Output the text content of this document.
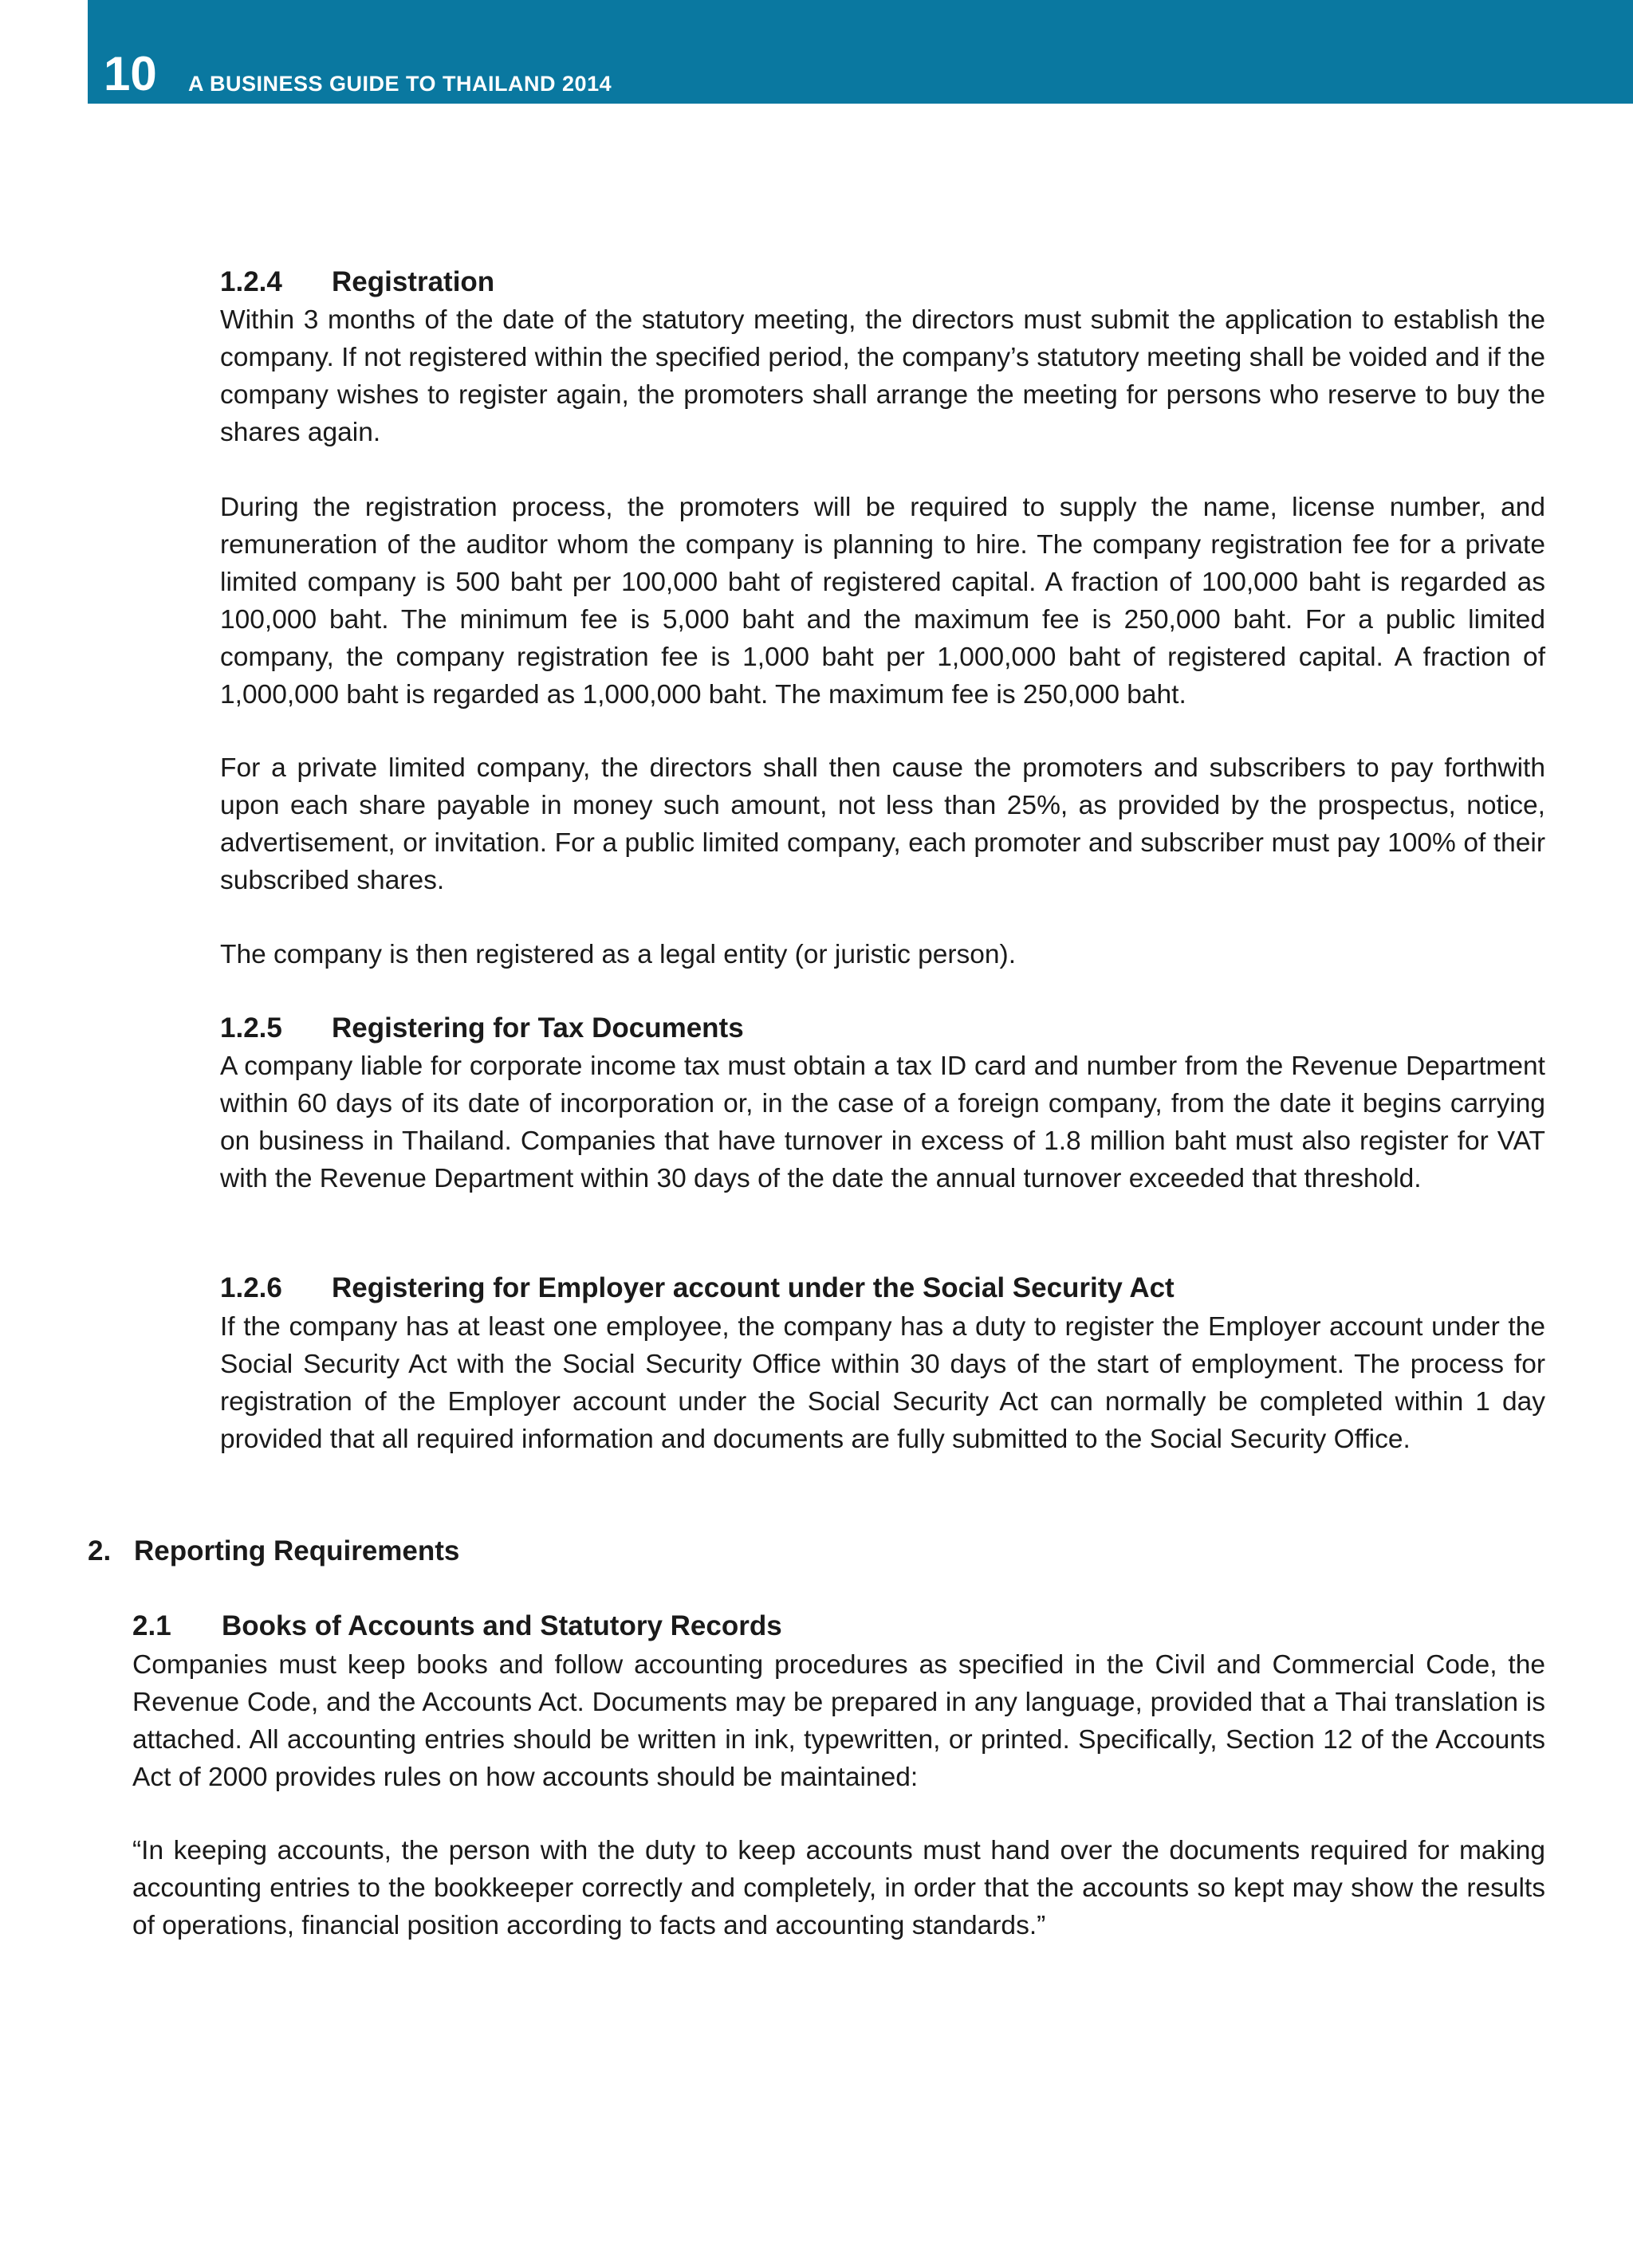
10 A BUSINESS GUIDE TO THAILAND 2014
1.2.4 Registration
Within 3 months of the date of the statutory meeting, the directors must submit the application to establish the company. If not registered within the specified period, the company’s statutory meeting shall be voided and if the company wishes to register again, the promoters shall arrange the meeting for persons who reserve to buy the shares again.
During the registration process, the promoters will be required to supply the name, license number, and remuneration of the auditor whom the company is planning to hire. The company registration fee for a private limited company is 500 baht per 100,000 baht of registered capital. A fraction of 100,000 baht is regarded as 100,000 baht. The minimum fee is 5,000 baht and the maximum fee is 250,000 baht. For a public limited company, the company registration fee is 1,000 baht per 1,000,000 baht of registered capital. A fraction of 1,000,000 baht is regarded as 1,000,000 baht. The maximum fee is 250,000 baht.
For a private limited company, the directors shall then cause the promoters and subscribers to pay forthwith upon each share payable in money such amount, not less than 25%, as provided by the prospectus, notice, advertisement, or invitation. For a public limited company, each promoter and subscriber must pay 100% of their subscribed shares.
The company is then registered as a legal entity (or juristic person).
1.2.5 Registering for Tax Documents
A company liable for corporate income tax must obtain a tax ID card and number from the Revenue Department within 60 days of its date of incorporation or, in the case of a foreign company, from the date it begins carrying on business in Thailand. Companies that have turnover in excess of 1.8 million baht must also register for VAT with the Revenue Department within 30 days of the date the annual turnover exceeded that threshold.
1.2.6 Registering for Employer account under the Social Security Act
If the company has at least one employee, the company has a duty to register the Employer account under the Social Security Act with the Social Security Office within 30 days of the start of employment. The process for registration of the Employer account under the Social Security Act can normally be completed within 1 day provided that all required information and documents are fully submitted to the Social Security Office.
2. Reporting Requirements
2.1 Books of Accounts and Statutory Records
Companies must keep books and follow accounting procedures as specified in the Civil and Commercial Code, the Revenue Code, and the Accounts Act. Documents may be prepared in any language, provided that a Thai translation is attached. All accounting entries should be written in ink, typewritten, or printed. Specifically, Section 12 of the Accounts Act of 2000 provides rules on how accounts should be maintained:
“In keeping accounts, the person with the duty to keep accounts must hand over the documents required for making accounting entries to the bookkeeper correctly and completely, in order that the accounts so kept may show the results of operations, financial position according to facts and accounting standards.”
